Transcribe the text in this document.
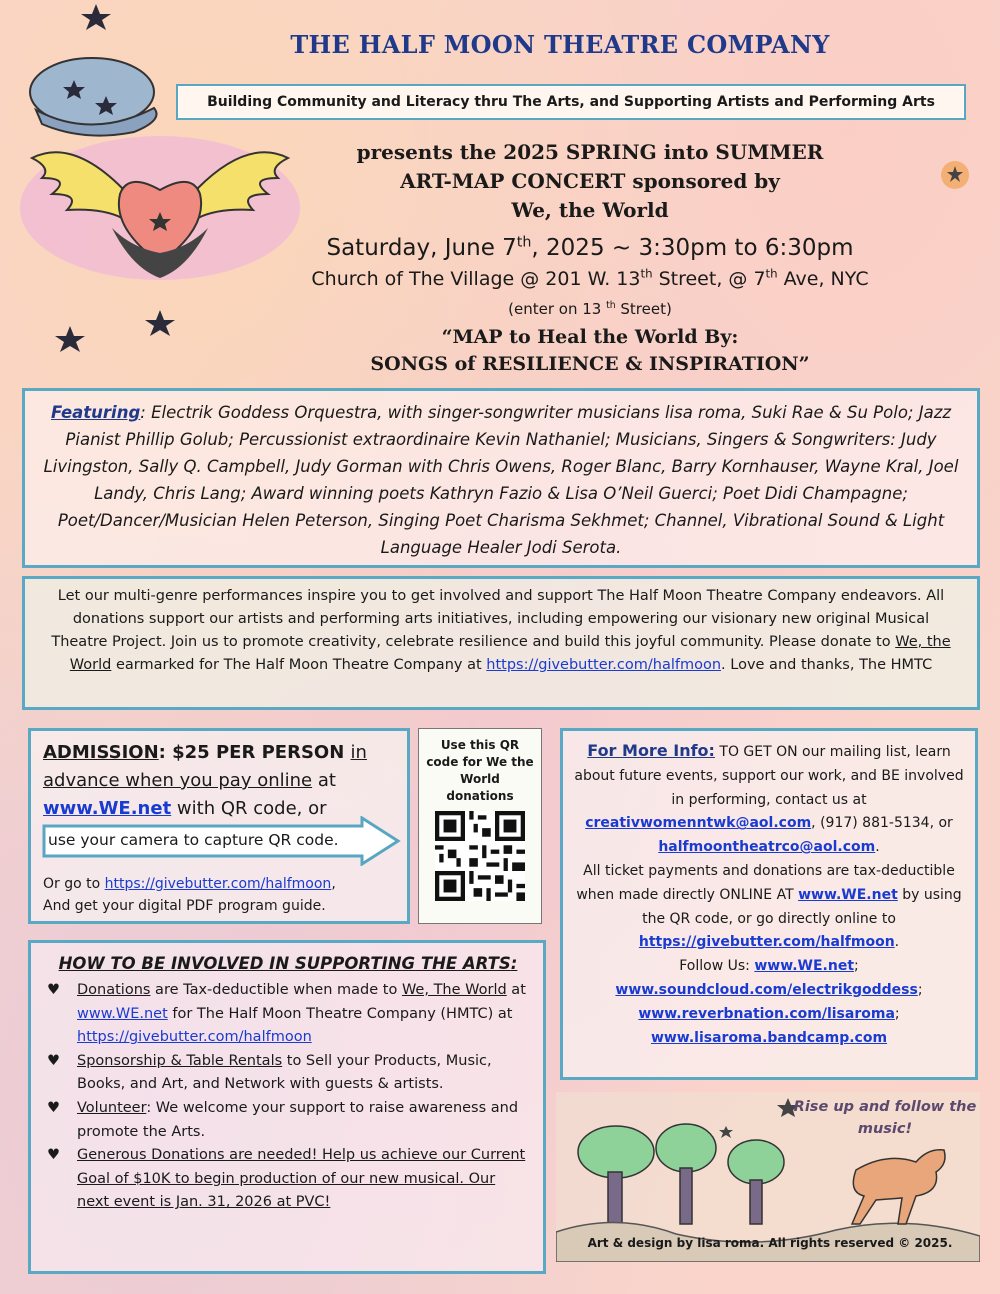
THE HALF MOON THEATRE COMPANY
Building Community and Literacy thru The Arts, and Supporting Artists and Performing Arts
presents the 2025 SPRING into SUMMER
ART-MAP CONCERT sponsored by
We, the World
Saturday, June 7th, 2025 ~ 3:30pm to 6:30pm
Church of The Village @ 201 W. 13th Street, @ 7th Ave, NYC
(enter on 13 $^{th}$ Street)
“MAP to Heal the World By:
SONGS of RESILIENCE & INSPIRATION”
Featuring: Electrik Goddess Orquestra, with singer-songwriter musicians lisa roma, Suki Rae & Su Polo; Jazz Pianist Phillip Golub; Percussionist extraordinaire Kevin Nathaniel; Musicians, Singers & Songwriters: Judy Livingston, Sally Q. Campbell, Judy Gorman with Chris Owens, Roger Blanc, Barry Kornhauser, Wayne Kral, Joel Landy, Chris Lang; Award winning poets Kathryn Fazio & Lisa O’Neil Guerci; Poet Didi Champagne; Poet/Dancer/Musician Helen Peterson, Singing Poet Charisma Sekhmet; Channel, Vibrational Sound & Light Language Healer Jodi Serota.
Let our multi-genre performances inspire you to get involved and support The Half Moon Theatre Company endeavors. All donations support our artists and performing arts initiatives, including empowering our visionary new original Musical Theatre Project. Join us to promote creativity, celebrate resilience and build this joyful community. Please donate to We, the World earmarked for The Half Moon Theatre Company at https://givebutter.com/halfmoon. Love and thanks, The HMTC
ADMISSION: $25 PER PERSON in
advance when you pay online at
www.WE.net with QR code, or
Or go to https://givebutter.com/halfmoon,
And get your digital PDF program guide.
use your camera to capture QR code.
Use this QR code for We the World donations
For More Info: TO GET ON our mailing list, learn about future events, support our work, and BE involved in performing, contact us at creativwomenntwk@aol.com, (917) 881-5134, or halfmoontheatrco@aol.com.
All ticket payments and donations are tax-deductible when made directly ONLINE AT www.WE.net by using the QR code, or go directly online to https://givebutter.com/halfmoon.
Follow Us: www.WE.net;
www.soundcloud.com/electrikgoddess;
www.reverbnation.com/lisaroma;
www.lisaroma.bandcamp.com
HOW TO BE INVOLVED IN SUPPORTING THE ARTS:
♥ Donations are Tax-deductible when made to We, The World at www.WE.net for The Half Moon Theatre Company (HMTC) at https://givebutter.com/halfmoon
♥ Sponsorship & Table Rentals to Sell your Products, Music, Books, and Art, and Network with guests & artists.
♥ Volunteer: We welcome your support to raise awareness and promote the Arts.
♥ Generous Donations are needed! Help us achieve our Current Goal of $10K to begin production of our new musical. Our next event is Jan. 31, 2026 at PVC!
Rise up and follow the music!
Art & design by lisa roma. All rights reserved © 2025.
